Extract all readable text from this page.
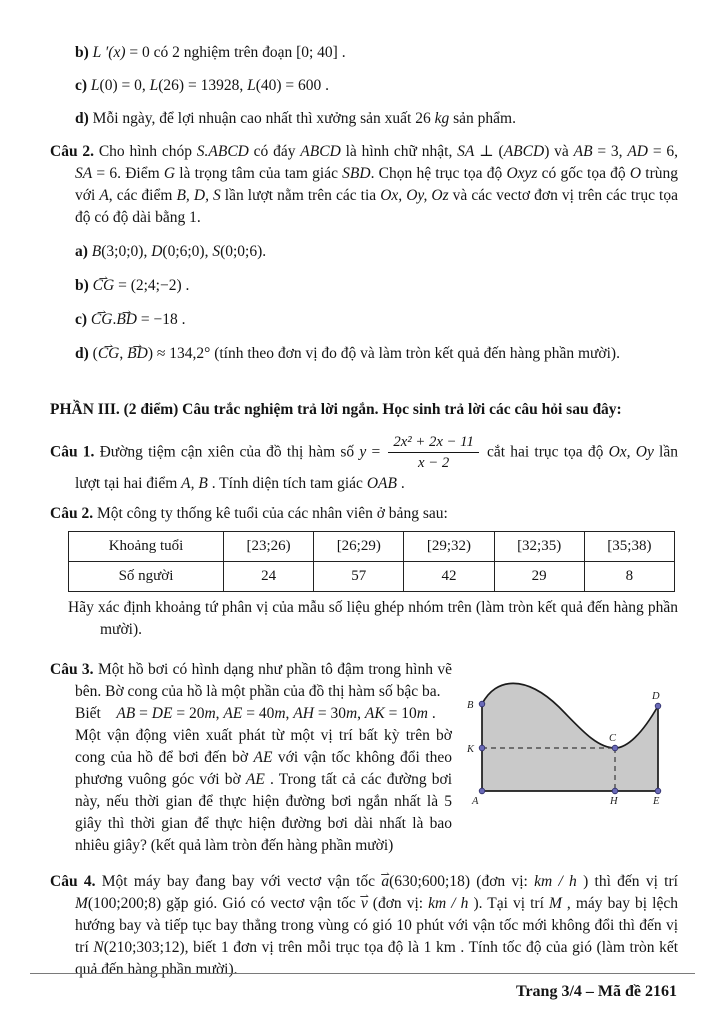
b) L ′(x) = 0 có 2 nghiệm trên đoạn [0; 40] .
c) L(0) = 0, L(26) = 13928, L(40) = 600 .
d) Mỗi ngày, để lợi nhuận cao nhất thì xưởng sản xuất 26 kg sản phẩm.
Câu 2. Cho hình chóp S.ABCD có đáy ABCD là hình chữ nhật, SA ⊥ (ABCD) và AB = 3, AD = 6, SA = 6. Điểm G là trọng tâm của tam giác SBD. Chọn hệ trục tọa độ Oxyz có gốc tọa độ O trùng với A, các điểm B, D, S lần lượt nằm trên các tia Ox, Oy, Oz và các vectơ đơn vị trên các trục tọa độ có độ dài bằng 1.
a) B(3;0;0), D(0;6;0), S(0;0;6).
b) CG ⇀ = (2;4;−2) .
c) CG ⇀.BD ⇀ = −18 .
d) (CG ⇀, BD ⇀) ≈ 134,2° (tính theo đơn vị đo độ và làm tròn kết quả đến hàng phần mười).
PHẦN III. (2 điểm) Câu trắc nghiệm trả lời ngắn. Học sinh trả lời các câu hỏi sau đây:
Câu 1. Đường tiệm cận xiên của đồ thị hàm số $y = \frac{\text{2x² + 2x − 11}}{x - 2}$ cắt hai trục tọa độ Ox, Oy lần lượt tại hai điểm A, B . Tính diện tích tam giác OAB .
Câu 2. Một công ty thống kê tuổi của các nhân viên ở bảng sau:
Khoảng tuổi	[23;26)	[26;29)	[29;32)	[32;35)	[35;38)
Số người	24	57	42	29	8
Hãy xác định khoảng tứ phân vị của mẫu số liệu ghép nhóm trên (làm tròn kết quả đến hàng phần mười).
B
K
A
C
H	E
D
Câu 3. Một hồ bơi có hình dạng như phần tô đậm trong hình vẽ bên. Bờ cong của hồ là một phần của đồ thị hàm số bậc ba.
Biết    AB = DE = 20m, AE = 40m, AH = 30m, AK = 10m .
Một vận động viên xuất phát từ một vị trí bất kỳ trên bờ cong của hồ để bơi đến bờ AE với vận tốc không đổi theo phương vuông góc với bờ AE . Trong tất cả các đường bơi này, nếu thời gian để thực hiện đường bơi ngắn nhất là 5 giây thì thời gian để thực hiện đường bơi dài nhất là bao nhiêu giây? (kết quả làm tròn đến hàng phần mười)
Câu 4. Một máy bay đang bay với vectơ vận tốc a ⇀(630;600;18) (đơn vị: km / h ) thì đến vị trí M(100;200;8) gặp gió. Gió có vectơ vận tốc v ⇀ (đơn vị: km / h ). Tại vị trí M , máy bay bị lệch hướng bay và tiếp tục bay thẳng trong vùng có gió 10 phút với vận tốc mới không đổi thì đến vị trí N(210;303;12), biết 1 đơn vị trên mỗi trục tọa độ là 1 km . Tính tốc độ của gió (làm tròn kết quả đến hàng phần mười).
Trang 3/4 – Mã đề 2161
